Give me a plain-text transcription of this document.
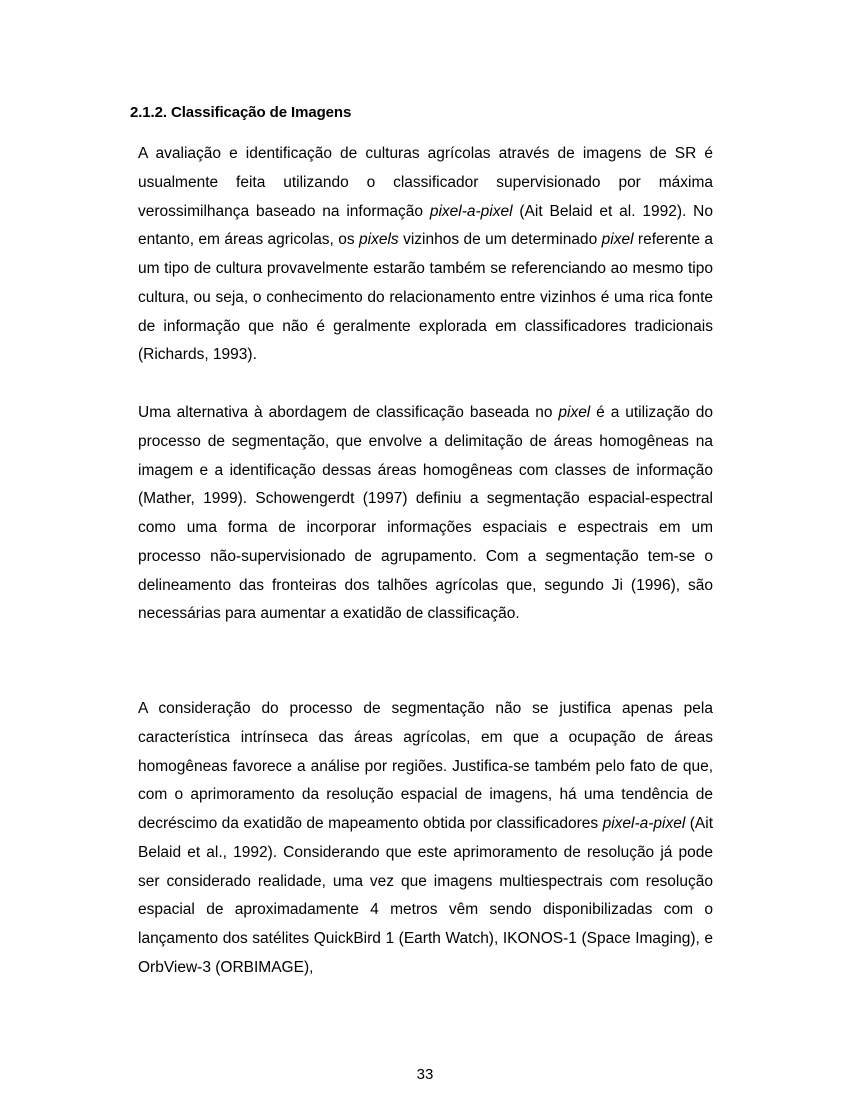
2.1.2. Classificação de Imagens

A avaliação e identificação de culturas agrícolas através de imagens de SR é usualmente feita utilizando o classificador supervisionado por máxima verossimilhança baseado na informação pixel-a-pixel (Ait Belaid et al. 1992). No entanto, em áreas agricolas, os pixels vizinhos de um determinado pixel referente a um tipo de cultura provavelmente estarão também se referenciando ao mesmo tipo cultura, ou seja, o conhecimento do relacionamento entre vizinhos é uma rica fonte de informação que não é geralmente explorada em classificadores tradicionais (Richards, 1993).

Uma alternativa à abordagem de classificação baseada no pixel é a utilização do processo de segmentação, que envolve a delimitação de áreas homogêneas na imagem e a identificação dessas áreas homogêneas com classes de informação (Mather, 1999). Schowengerdt (1997) definiu a segmentação espacial-espectral como uma forma de incorporar informações espaciais e espectrais em um processo não-supervisionado de agrupamento. Com a segmentação tem-se o delineamento das fronteiras dos talhões agrícolas que, segundo Ji (1996), são necessárias para aumentar a exatidão de classificação.

A consideração do processo de segmentação não se justifica apenas pela característica intrínseca das áreas agrícolas, em que a ocupação de áreas homogêneas favorece a análise por regiões. Justifica-se também pelo fato de que, com o aprimoramento da resolução espacial de imagens, há uma tendência de decréscimo da exatidão de mapeamento obtida por classificadores pixel-a-pixel (Ait Belaid et al., 1992). Considerando que este aprimoramento de resolução já pode ser considerado realidade, uma vez que imagens multiespectrais com resolução espacial de aproximadamente 4 metros vêm sendo disponibilizadas com o lançamento dos satélites QuickBird 1 (Earth Watch), IKONOS-1 (Space Imaging), e OrbView-3 (ORBIMAGE),

33
